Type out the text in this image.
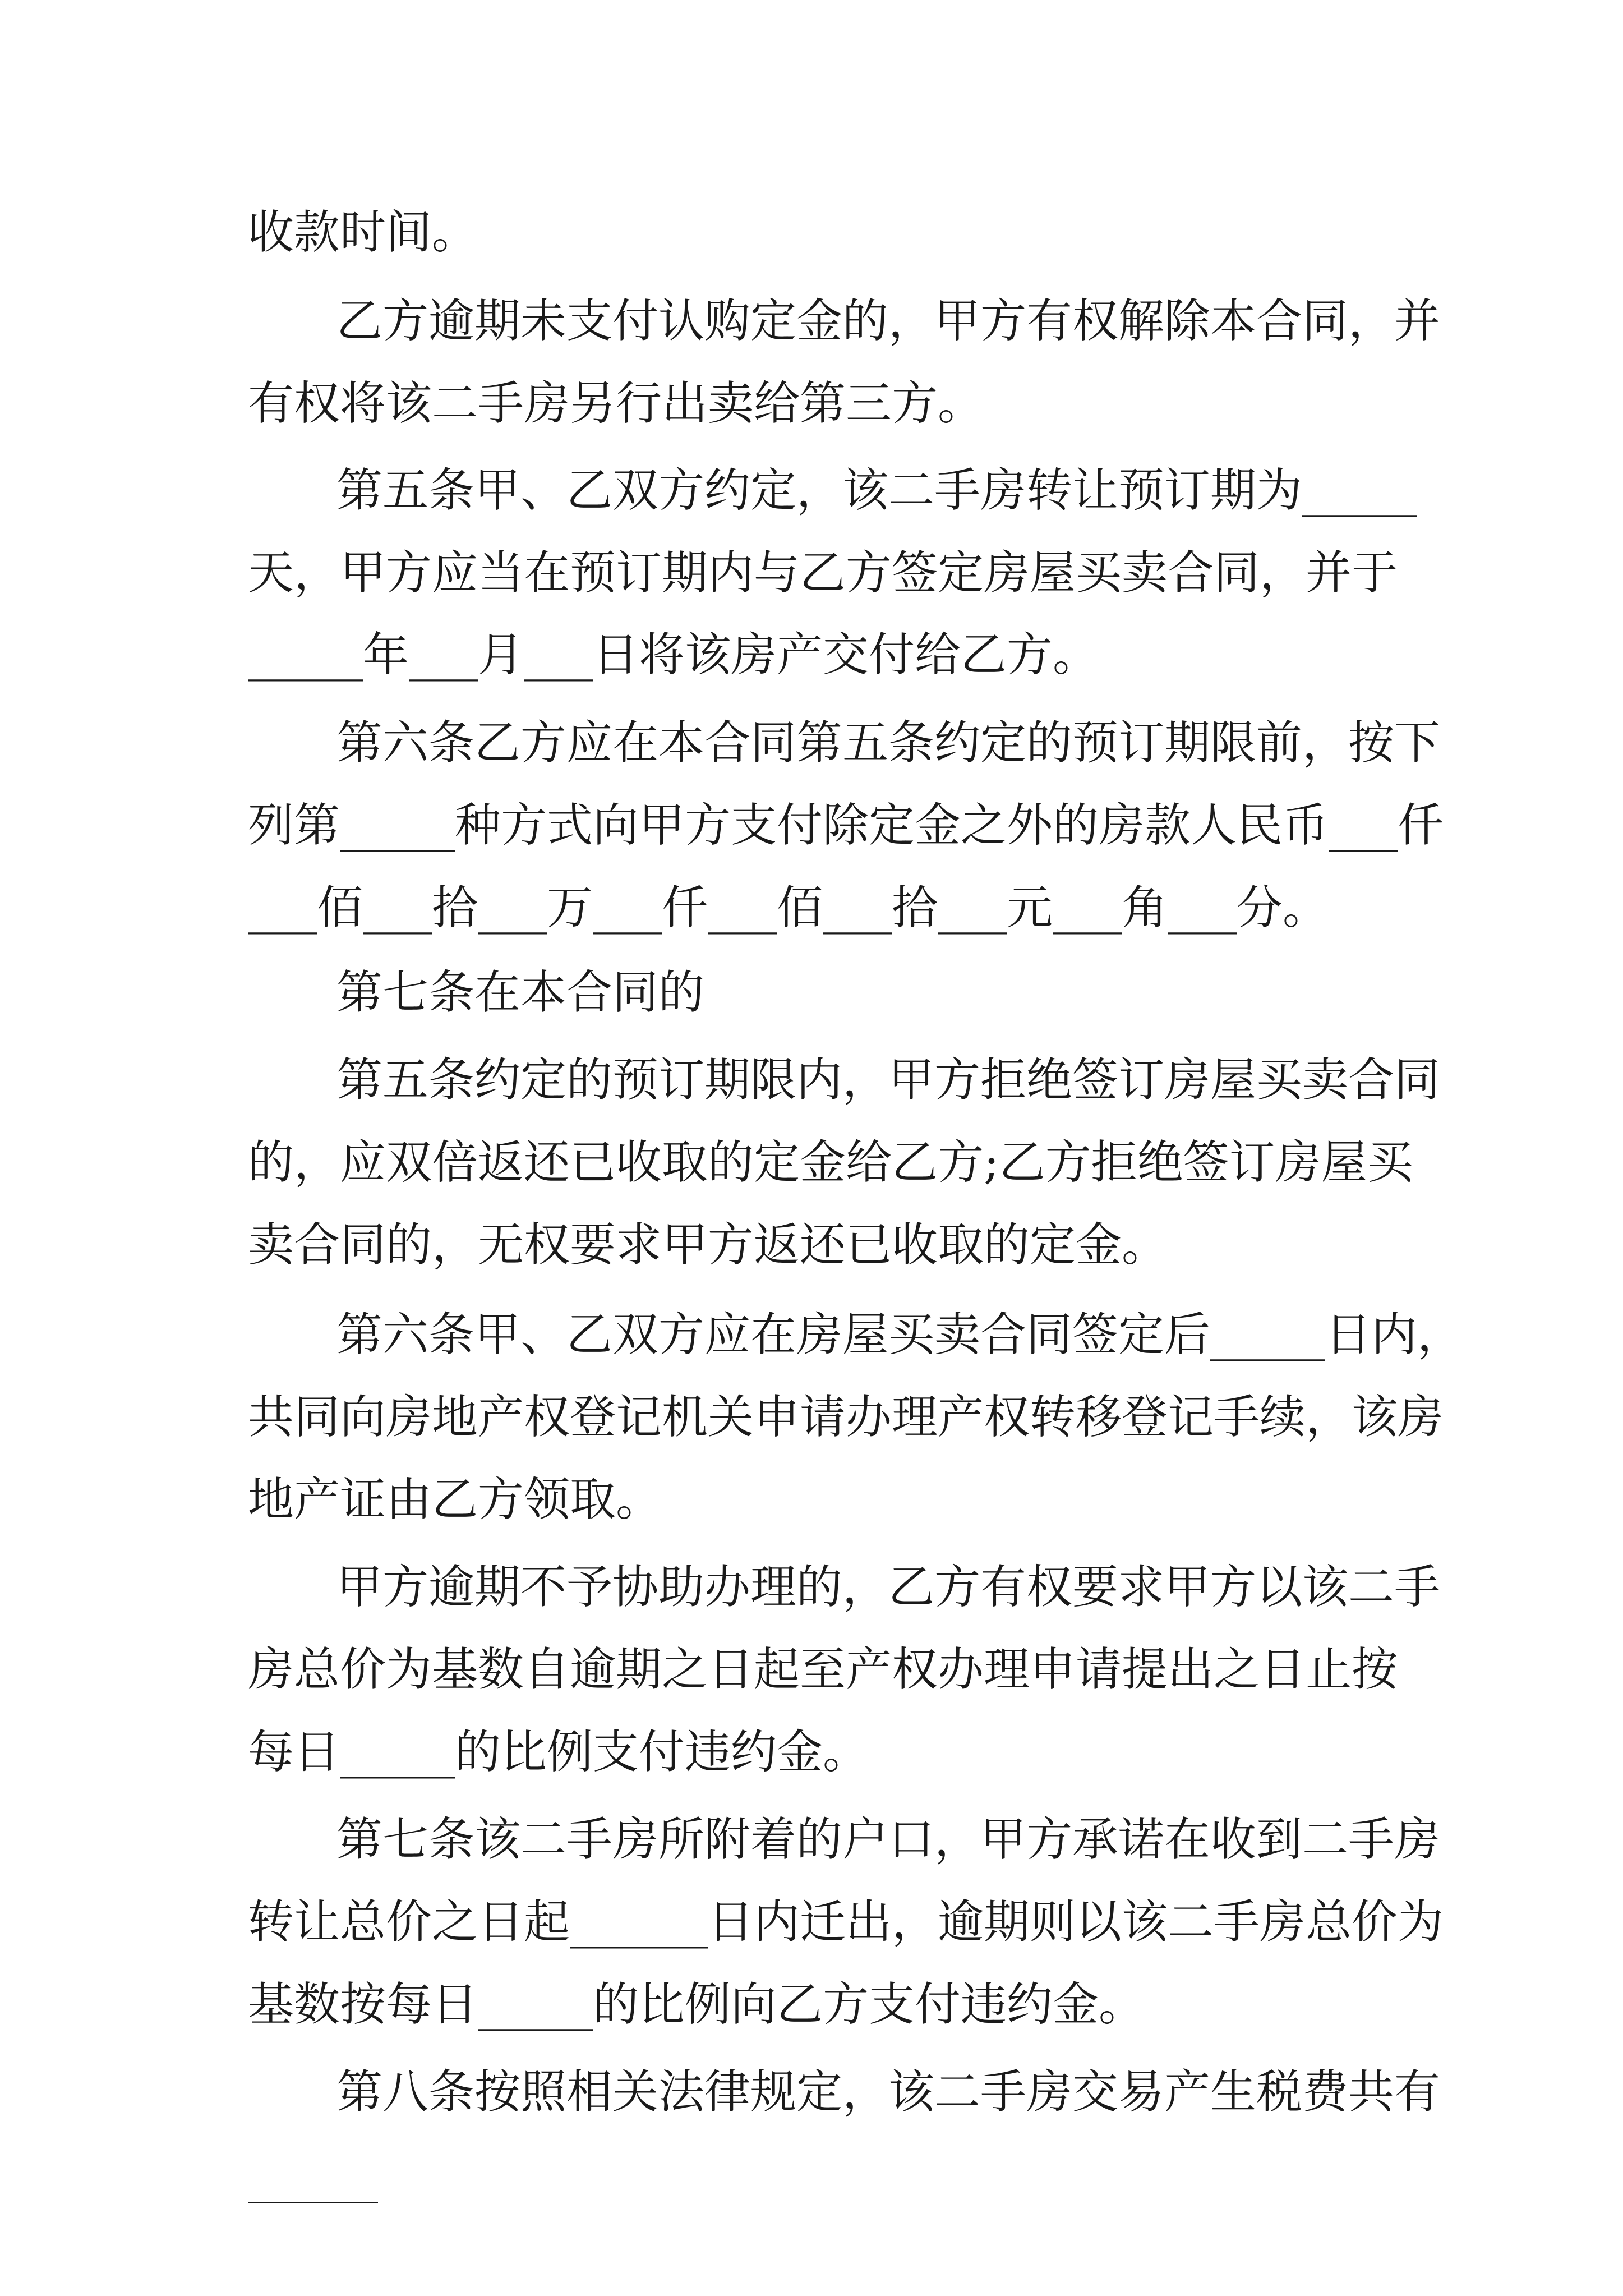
收款时间。
乙方逾期未支付认购定金的，甲方有权解除本合同，并
有权将该二手房另行出卖给第三方。
第五条甲、乙双方约定，该二手房转让预订期为_____
天，甲方应当在预订期内与乙方签定房屋买卖合同，并于
_____年___月___日将该房产交付给乙方。
第六条乙方应在本合同第五条约定的预订期限前，按下
列第_____种方式向甲方支付除定金之外的房款人民币___仟
___佰___拾___万___仟___佰___拾___元___角___分。
第七条在本合同的
第五条约定的预订期限内，甲方拒绝签订房屋买卖合同
的，应双倍返还已收取的定金给乙方;乙方拒绝签订房屋买
卖合同的，无权要求甲方返还已收取的定金。
第六条甲、乙双方应在房屋买卖合同签定后_____日内，
共同向房地产权登记机关申请办理产权转移登记手续，该房
地产证由乙方领取。
甲方逾期不予协助办理的，乙方有权要求甲方以该二手
房总价为基数自逾期之日起至产权办理申请提出之日止按
每日_____的比例支付违约金。
第七条该二手房所附着的户口，甲方承诺在收到二手房
转让总价之日起______日内迁出，逾期则以该二手房总价为
基数按每日_____的比例向乙方支付违约金。
第八条按照相关法律规定，该二手房交易产生税费共有
